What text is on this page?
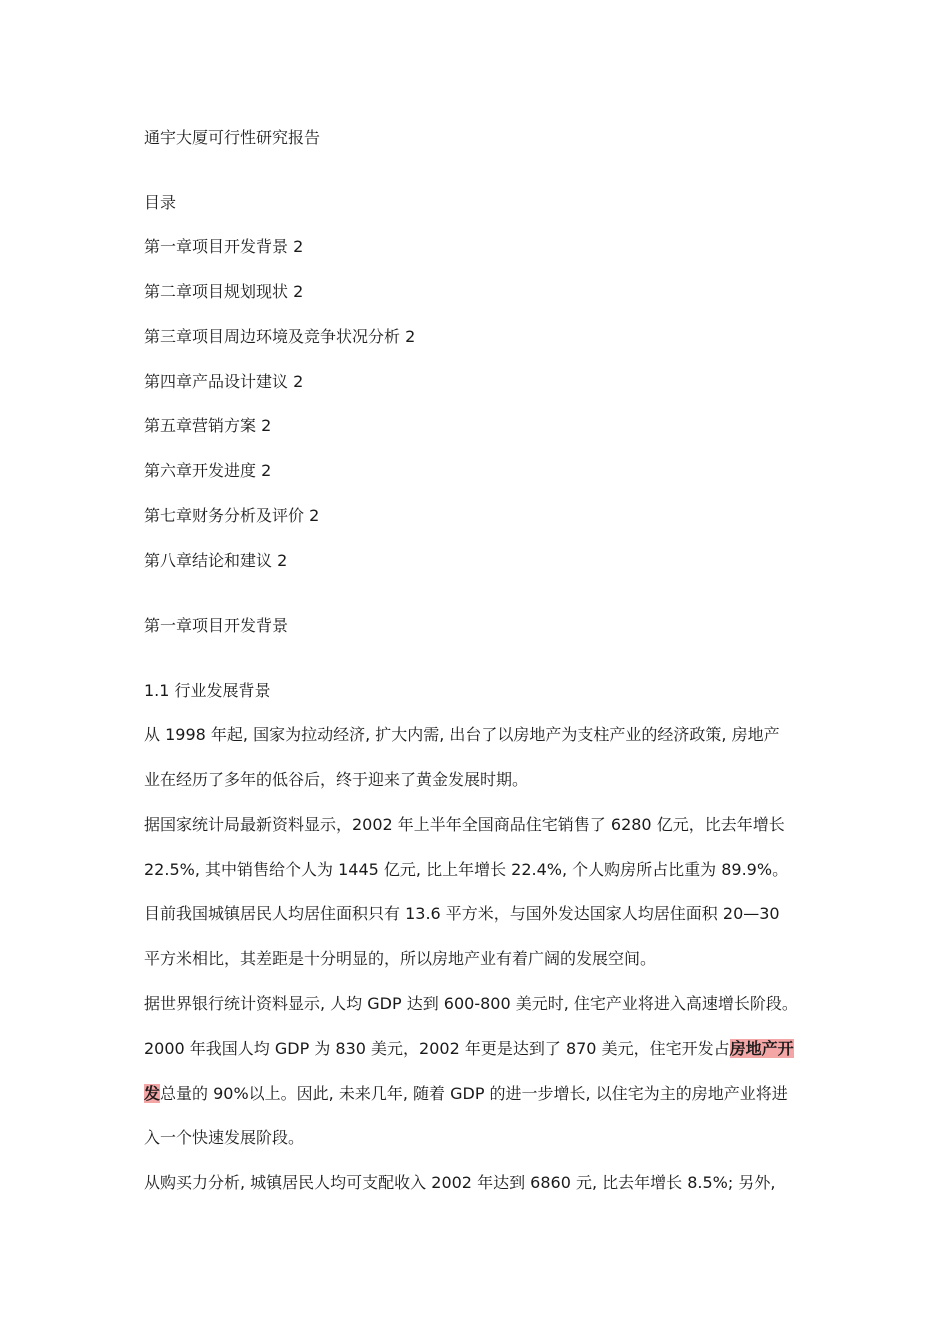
通宇大厦可行性研究报告
目录
第一章项目开发背景 2
第二章项目规划现状 2
第三章项目周边环境及竞争状况分析 2
第四章产品设计建议 2
第五章营销方案 2
第六章开发进度 2
第七章财务分析及评价 2
第八章结论和建议 2
第一章项目开发背景
1.1 行业发展背景
从 1998 年起, 国家为拉动经济, 扩大内需, 出台了以房地产为支柱产业的经济政策, 房地产
业在经历了多年的低谷后，终于迎来了黄金发展时期。
据国家统计局最新资料显示，2002 年上半年全国商品住宅销售了 6280 亿元，比去年增长
22.5%, 其中销售给个人为 1445 亿元, 比上年增长 22.4%, 个人购房所占比重为 89.9%。
目前我国城镇居民人均居住面积只有 13.6 平方米，与国外发达国家人均居住面积 20—30
平方米相比，其差距是十分明显的，所以房地产业有着广阔的发展空间。
据世界银行统计资料显示, 人均 GDP 达到 600-800 美元时, 住宅产业将进入高速增长阶段。
2000 年我国人均 GDP 为 830 美元，2002 年更是达到了 870 美元，住宅开发占房地产开
发总量的 90%以上。因此, 未来几年, 随着 GDP 的进一步增长, 以住宅为主的房地产业将进
入一个快速发展阶段。
从购买力分析, 城镇居民人均可支配收入 2002 年达到 6860 元, 比去年增长 8.5%; 另外,
